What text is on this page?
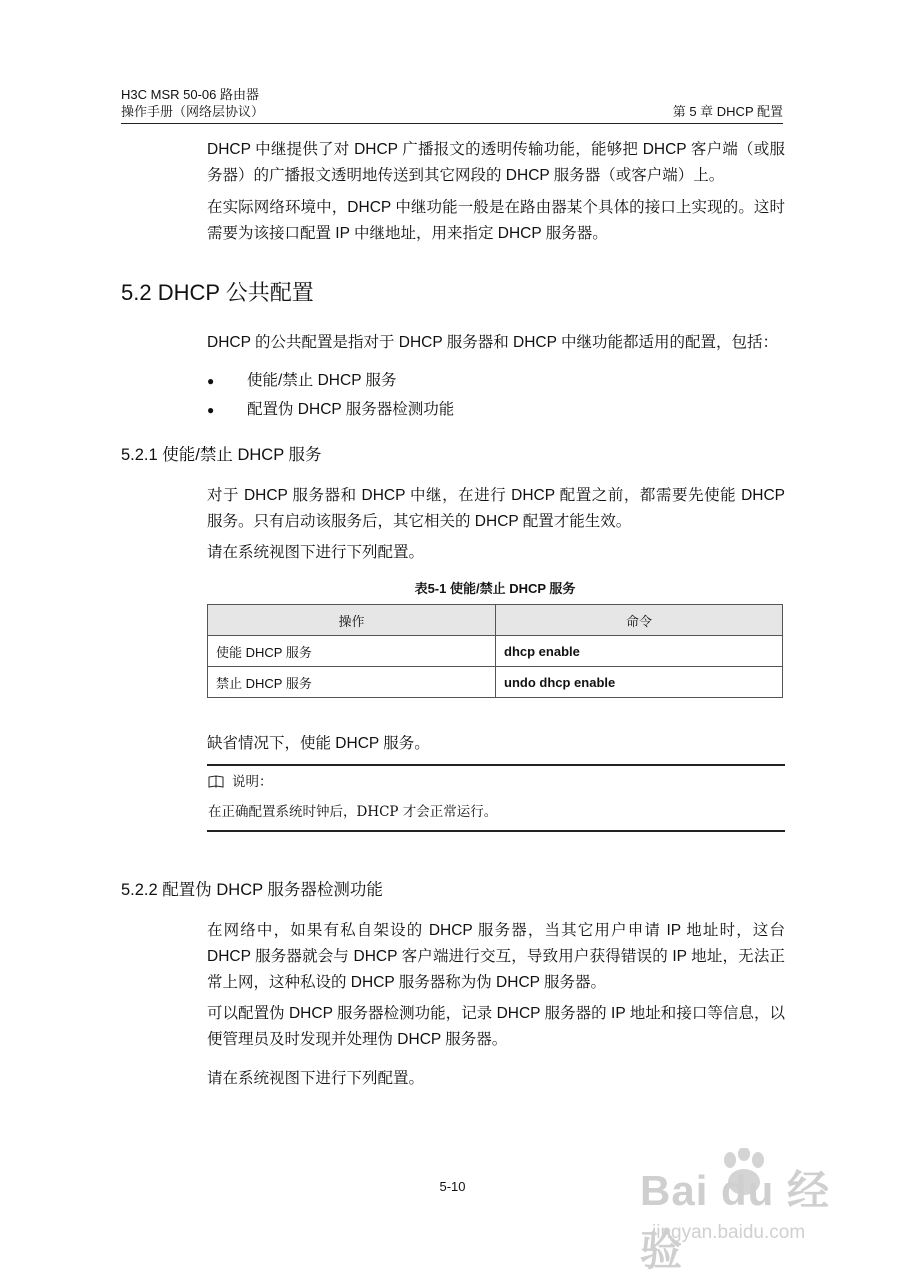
H3C MSR 50-06 路由器
操作手册（网络层协议）	第 5 章 DHCP 配置
DHCP 中继提供了对 DHCP 广播报文的透明传输功能，能够把 DHCP 客户端（或服务器）的广播报文透明地传送到其它网段的 DHCP 服务器（或客户端）上。
在实际网络环境中，DHCP 中继功能一般是在路由器某个具体的接口上实现的。这时需要为该接口配置 IP 中继地址，用来指定 DHCP 服务器。
5.2 DHCP 公共配置
DHCP 的公共配置是指对于 DHCP 服务器和 DHCP 中继功能都适用的配置，包括：
● 使能/禁止 DHCP 服务
● 配置伪 DHCP 服务器检测功能
5.2.1 使能/禁止 DHCP 服务
对于 DHCP 服务器和 DHCP 中继，在进行 DHCP 配置之前，都需要先使能 DHCP 服务。只有启动该服务后，其它相关的 DHCP 配置才能生效。
请在系统视图下进行下列配置。
表5-1 使能/禁止 DHCP 服务
操作	命令
使能 DHCP 服务	dhcp enable
禁止 DHCP 服务	undo dhcp enable
缺省情况下，使能 DHCP 服务。
说明：
在正确配置系统时钟后，DHCP 才会正常运行。
5.2.2 配置伪 DHCP 服务器检测功能
在网络中，如果有私自架设的 DHCP 服务器，当其它用户申请 IP 地址时，这台 DHCP 服务器就会与 DHCP 客户端进行交互，导致用户获得错误的 IP 地址，无法正常上网，这种私设的 DHCP 服务器称为伪 DHCP 服务器。
可以配置伪 DHCP 服务器检测功能，记录 DHCP 服务器的 IP 地址和接口等信息，以便管理员及时发现并处理伪 DHCP 服务器。
请在系统视图下进行下列配置。
5-10	Bai du 经验
jingyan.baidu.com
